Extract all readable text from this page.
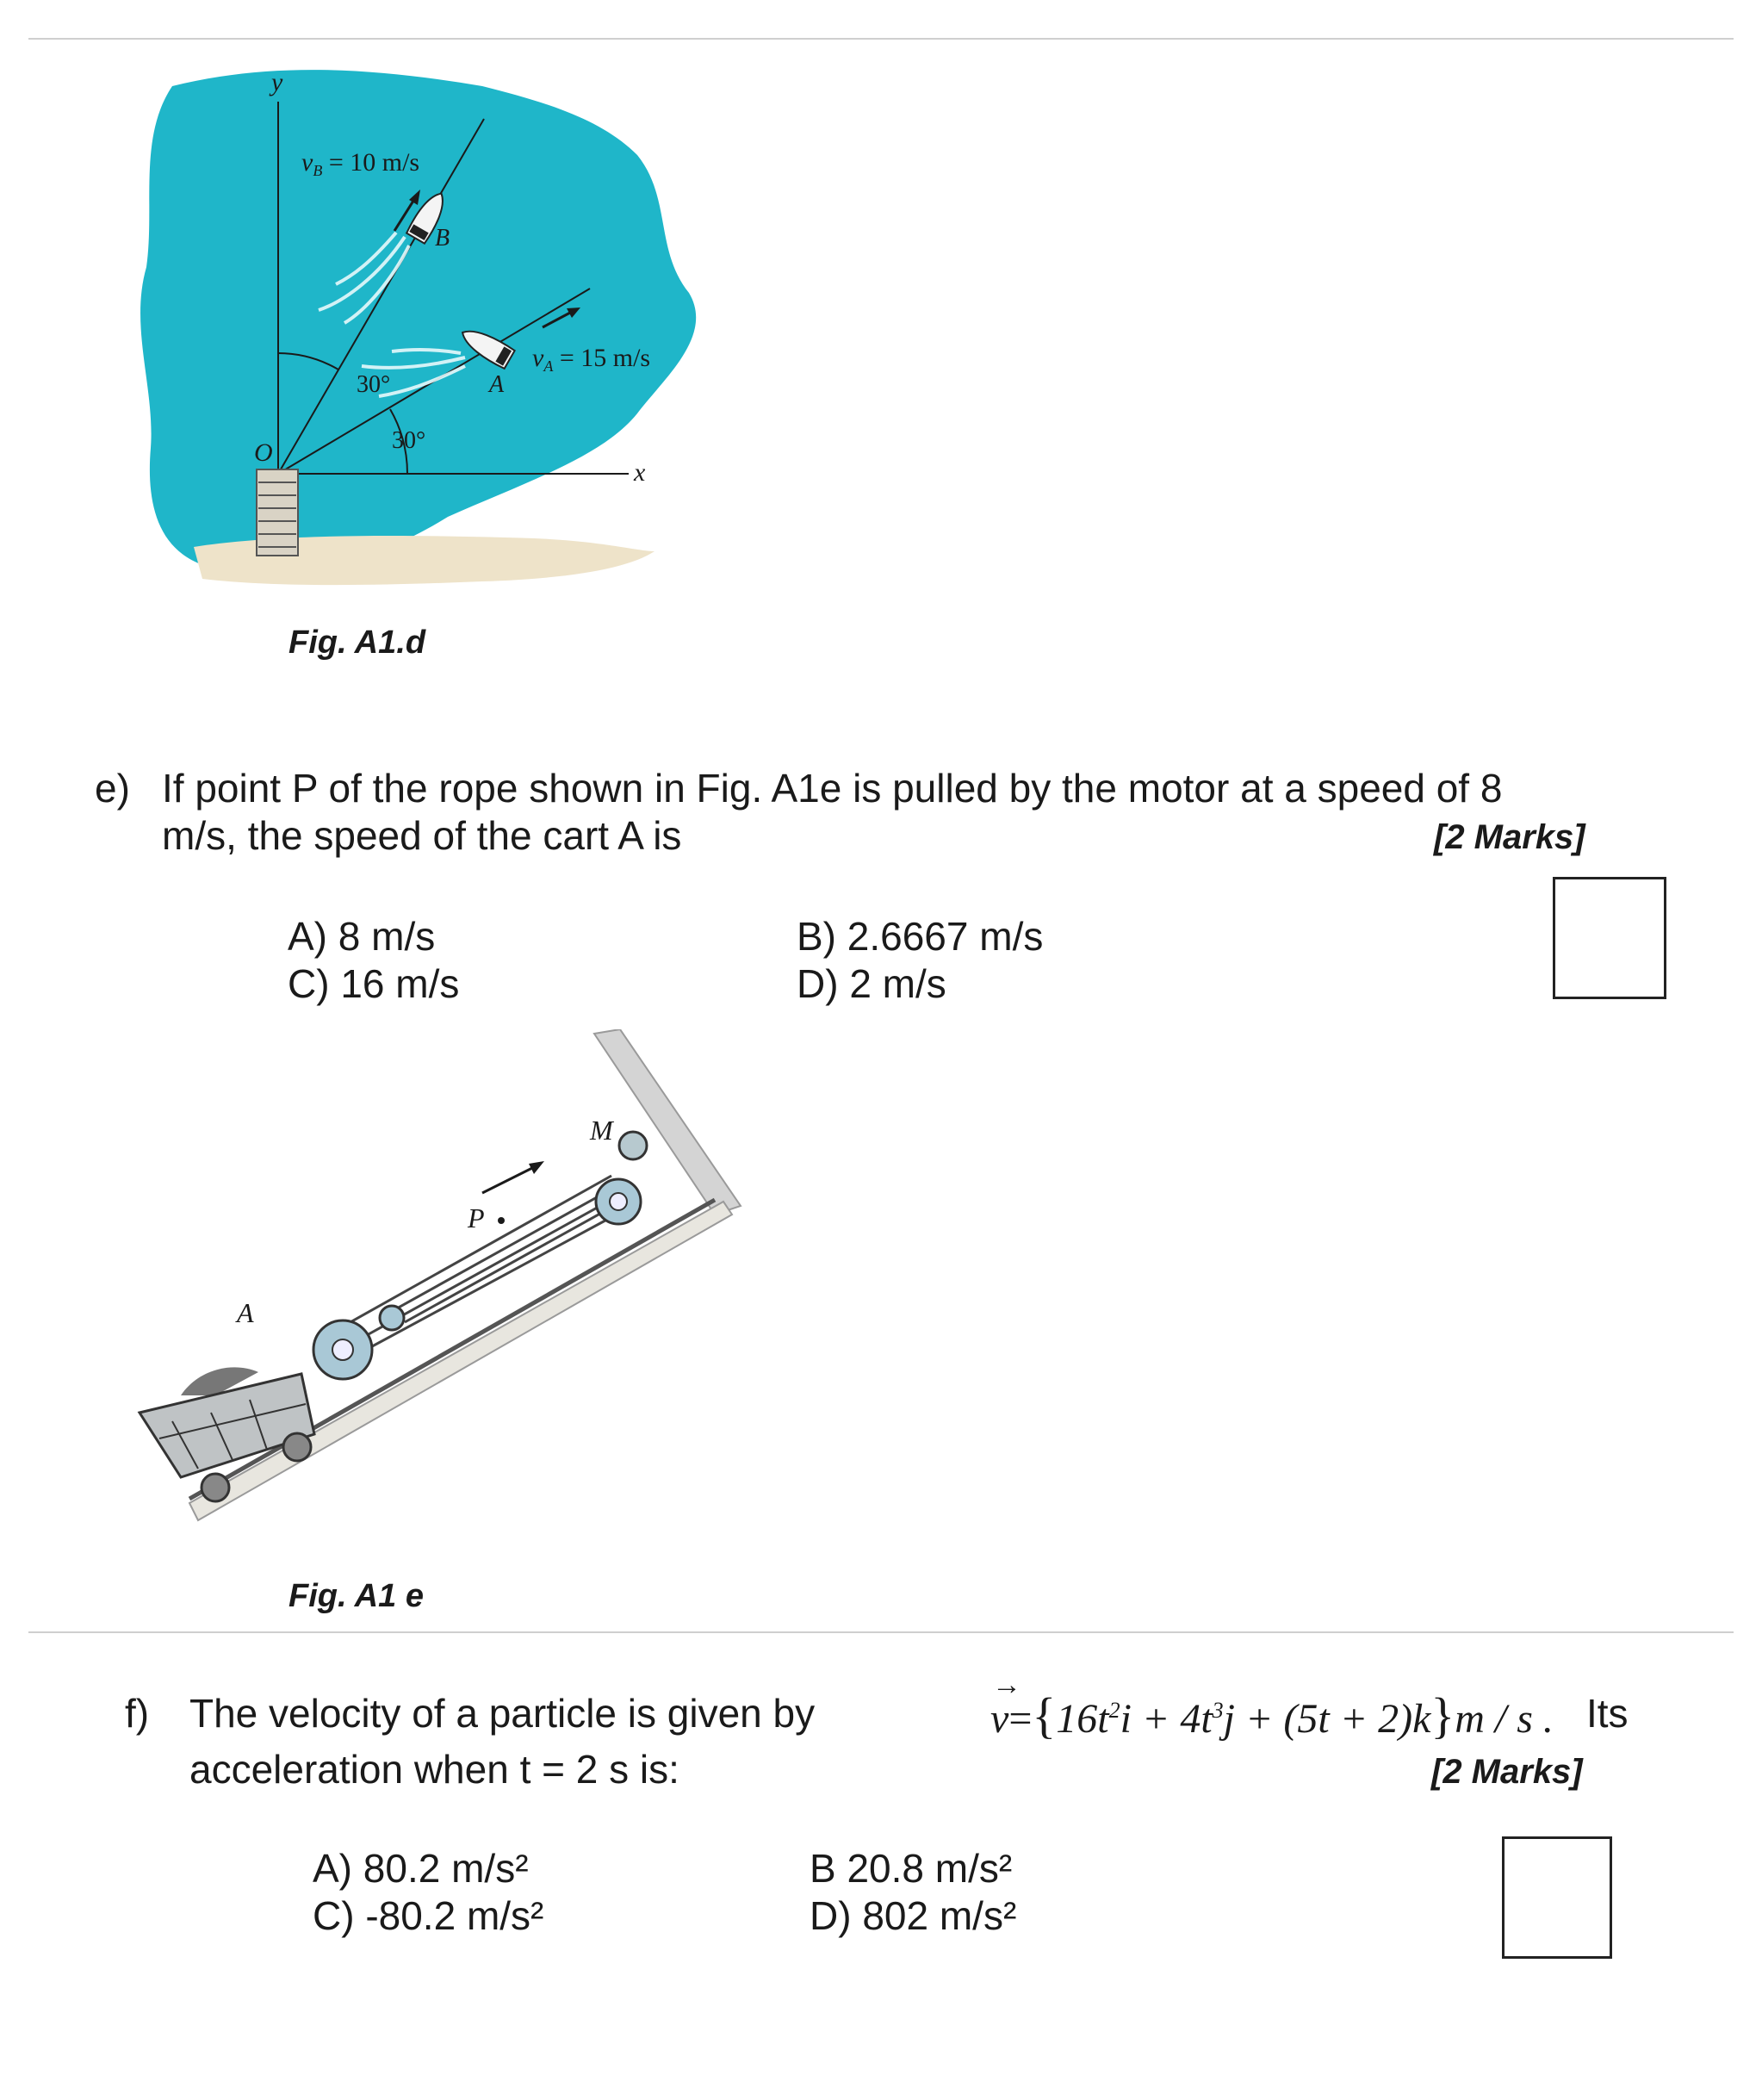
y
x
O
B
A
$v_B = 10$ m/s
$v_A = 15$ m/s
30°
30°
Fig. A1.d
e) If point P of the rope shown in Fig. A1e is pulled by the motor at a speed of 8
m/s, the speed of the cart A is	[2 Marks]
A) 8 m/s	B) 2.6667 m/s
C) 16 m/s	D) 2 m/s
M
P
A
Fig. A1 e
f) The velocity of a particle is given by
→
$v=\{16t^2i + 4t^3j + (5t + 2)k\}m / s$ . Its
acceleration when t = 2 s is:	[2 Marks]
A) 80.2 m/s²	B 20.8 m/s²
C) -80.2 m/s²	D) 802 m/s²
